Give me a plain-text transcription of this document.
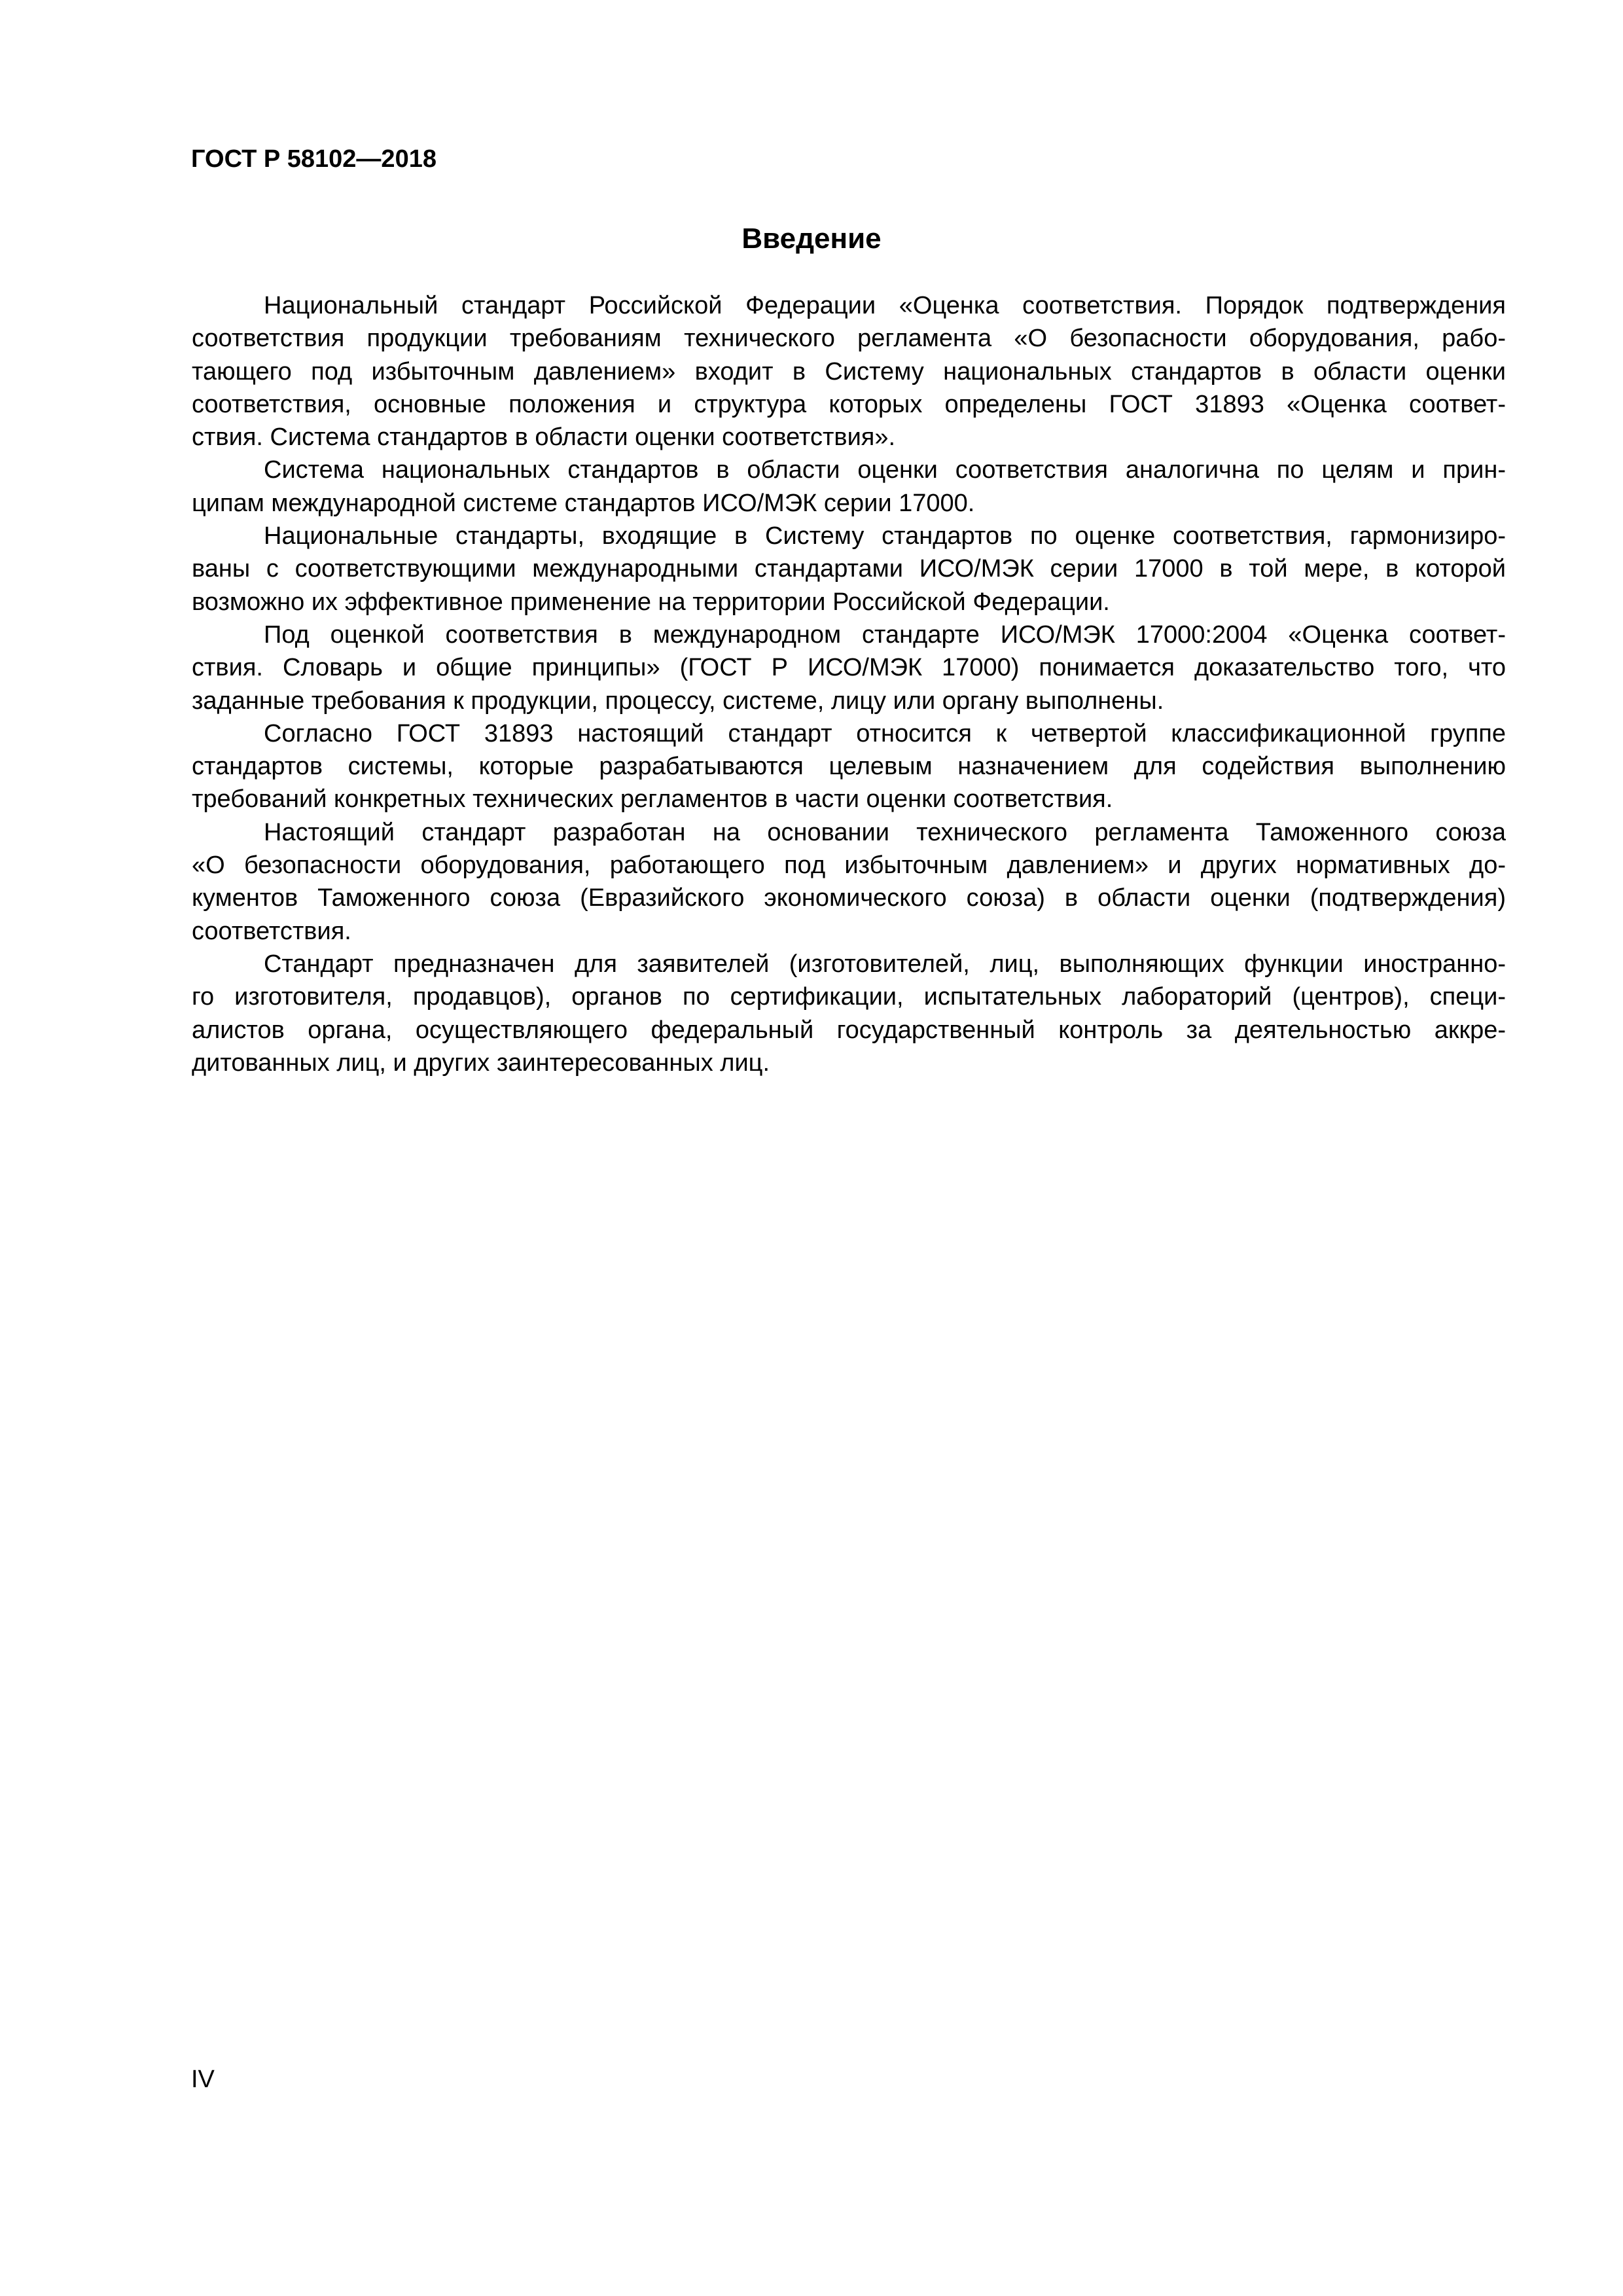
ГОСТ Р 58102—2018
Введение
Национальный стандарт Российской Федерации «Оценка соответствия. Порядок подтверждения
соответствия продукции требованиям технического регламента «О безопасности оборудования, рабо-
тающего под избыточным давлением» входит в Систему национальных стандартов в области оценки
соответствия, основные положения и структура которых определены ГОСТ 31893 «Оценка соответ-
ствия. Система стандартов в области оценки соответствия».
Система национальных стандартов в области оценки соответствия аналогична по целям и прин-
ципам международной системе стандартов ИСО/МЭК серии 17000.
Национальные стандарты, входящие в Систему стандартов по оценке соответствия, гармонизиро-
ваны с соответствующими международными стандартами ИСО/МЭК серии 17000 в той мере, в которой
возможно их эффективное применение на территории Российской Федерации.
Под оценкой соответствия в международном стандарте ИСО/МЭК 17000:2004 «Оценка соответ-
ствия. Словарь и общие принципы» (ГОСТ Р ИСО/МЭК 17000) понимается доказательство того, что
заданные требования к продукции, процессу, системе, лицу или органу выполнены.
Согласно ГОСТ 31893 настоящий стандарт относится к четвертой классификационной группе
стандартов системы, которые разрабатываются целевым назначением для содействия выполнению
требований конкретных технических регламентов в части оценки соответствия.
Настоящий стандарт разработан на основании технического регламента Таможенного союза
«О безопасности оборудования, работающего под избыточным давлением» и других нормативных до-
кументов Таможенного союза (Евразийского экономического союза) в области оценки (подтверждения)
соответствия.
Стандарт предназначен для заявителей (изготовителей, лиц, выполняющих функции иностранно-
го изготовителя, продавцов), органов по сертификации, испытательных лабораторий (центров), специ-
алистов органа, осуществляющего федеральный государственный контроль за деятельностью аккре-
дитованных лиц, и других заинтересованных лиц.
IV
